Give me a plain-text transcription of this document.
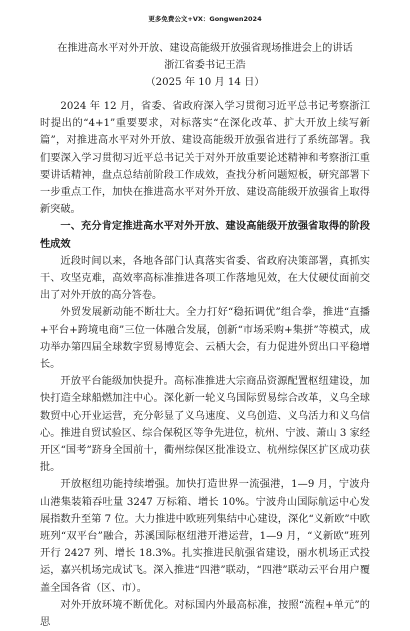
更多免费公文+VX：Gongwen2024
在推进高水平对外开放、建设高能级开放强省现场推进会上的讲话
浙江省委书记王浩
（2025 年 10 月 14 日）

2024 年 12 月，省委、省政府深入学习贯彻习近平总书记考察浙江时提出的“4+1”重要要求，对标落实“在深化改革、扩大开放上续写新篇”，对推进高水平对外开放、建设高能级开放强省进行了系统部署。我们要深入学习贯彻习近平总书记关于对外开放重要论述精神和考察浙江重要讲话精神，盘点总结前阶段工作成效，查找分析问题短板，研究部署下一步重点工作，加快在推进高水平对外开放、建设高能级开放强省上取得新突破。

一、充分肯定推进高水平对外开放、建设高能级开放强省取得的阶段性成效

近段时间以来，各地各部门认真落实省委、省政府决策部署，真抓实干、攻坚克难，高效率高标准推进各项工作落地见效，在大仗硬仗面前交出了对外开放的高分答卷。

外贸发展新动能不断壮大。全力打好“稳拓调优”组合拳，推进“直播+平台+跨境电商”三位一体融合发展，创新“市场采购+集拼”等模式，成功举办第四届全球数字贸易博览会、云栖大会，有力促进外贸出口平稳增长。

开放平台能级加快提升。高标准推进大宗商品资源配置枢纽建设，加快打造全球船燃加注中心。深化新一轮义乌国际贸易综合改革，义乌全球数贸中心开业运营，充分彰显了义乌速度、义乌创造、义乌活力和义乌信心。推进自贸试验区、综合保税区等争先进位，杭州、宁波、萧山 3 家经开区“国考”跻身全国前十，衢州综保区批准设立、杭州综保区扩区成功获批。

开放枢纽功能持续增强。加快打造世界一流强港，1—9 月，宁波舟山港集装箱吞吐量 3247 万标箱、增长 10%。宁波舟山国际航运中心发展指数升至第 7 位。大力推进中欧班列集结中心建设，深化“义新欧”中欧班列“双平台”融合，苏溪国际枢纽港开港运营，1—9 月，“义新欧”班列开行 2427 列、增长 18.3%。扎实推进民航强省建设，丽水机场正式投运，嘉兴机场完成试飞。深入推进“四港”联动，“四港”联动云平台用户覆盖全国各省（区、市）。

对外开放环境不断优化。对标国内外最高标准，按照“流程+单元”的思
